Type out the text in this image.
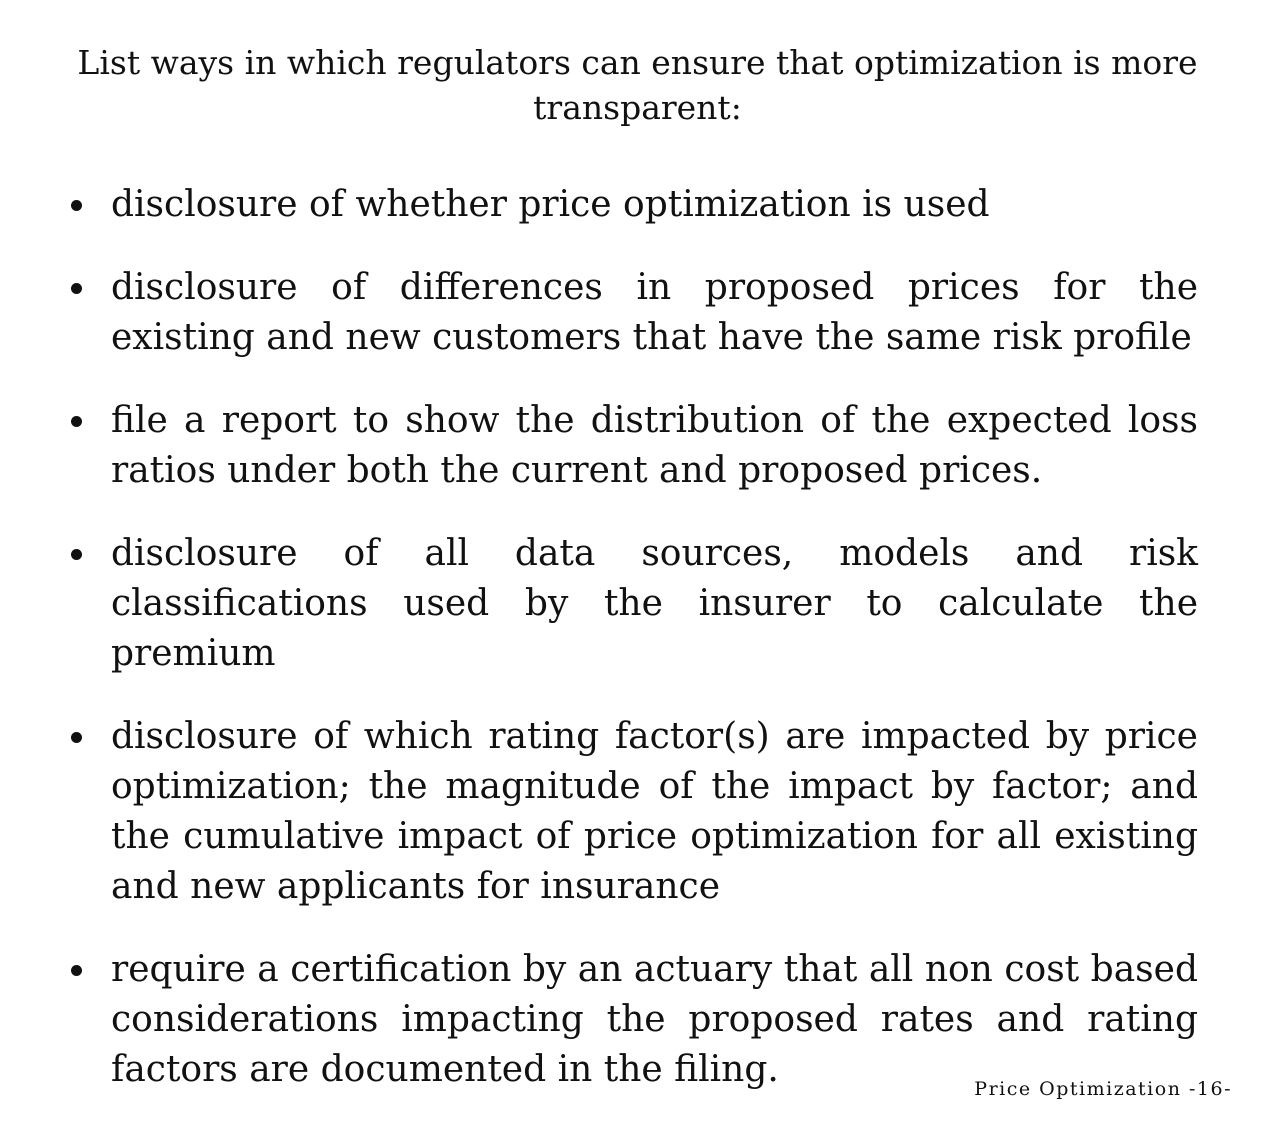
List ways in which regulators can ensure that optimization is more transparent:

disclosure of whether price optimization is used
disclosure of differences in proposed prices for the existing and new customers that have the same risk profile
file a report to show the distribution of the expected loss ratios under both the current and proposed prices.
disclosure of all data sources, models and risk classifications used by the insurer to calculate the premium
disclosure of which rating factor(s) are impacted by price optimization; the magnitude of the impact by factor; and the cumulative impact of price optimization for all existing and new applicants for insurance
require a certification by an actuary that all non cost based considerations impacting the proposed rates and rating factors are documented in the filing.	Price Optimization -16-
